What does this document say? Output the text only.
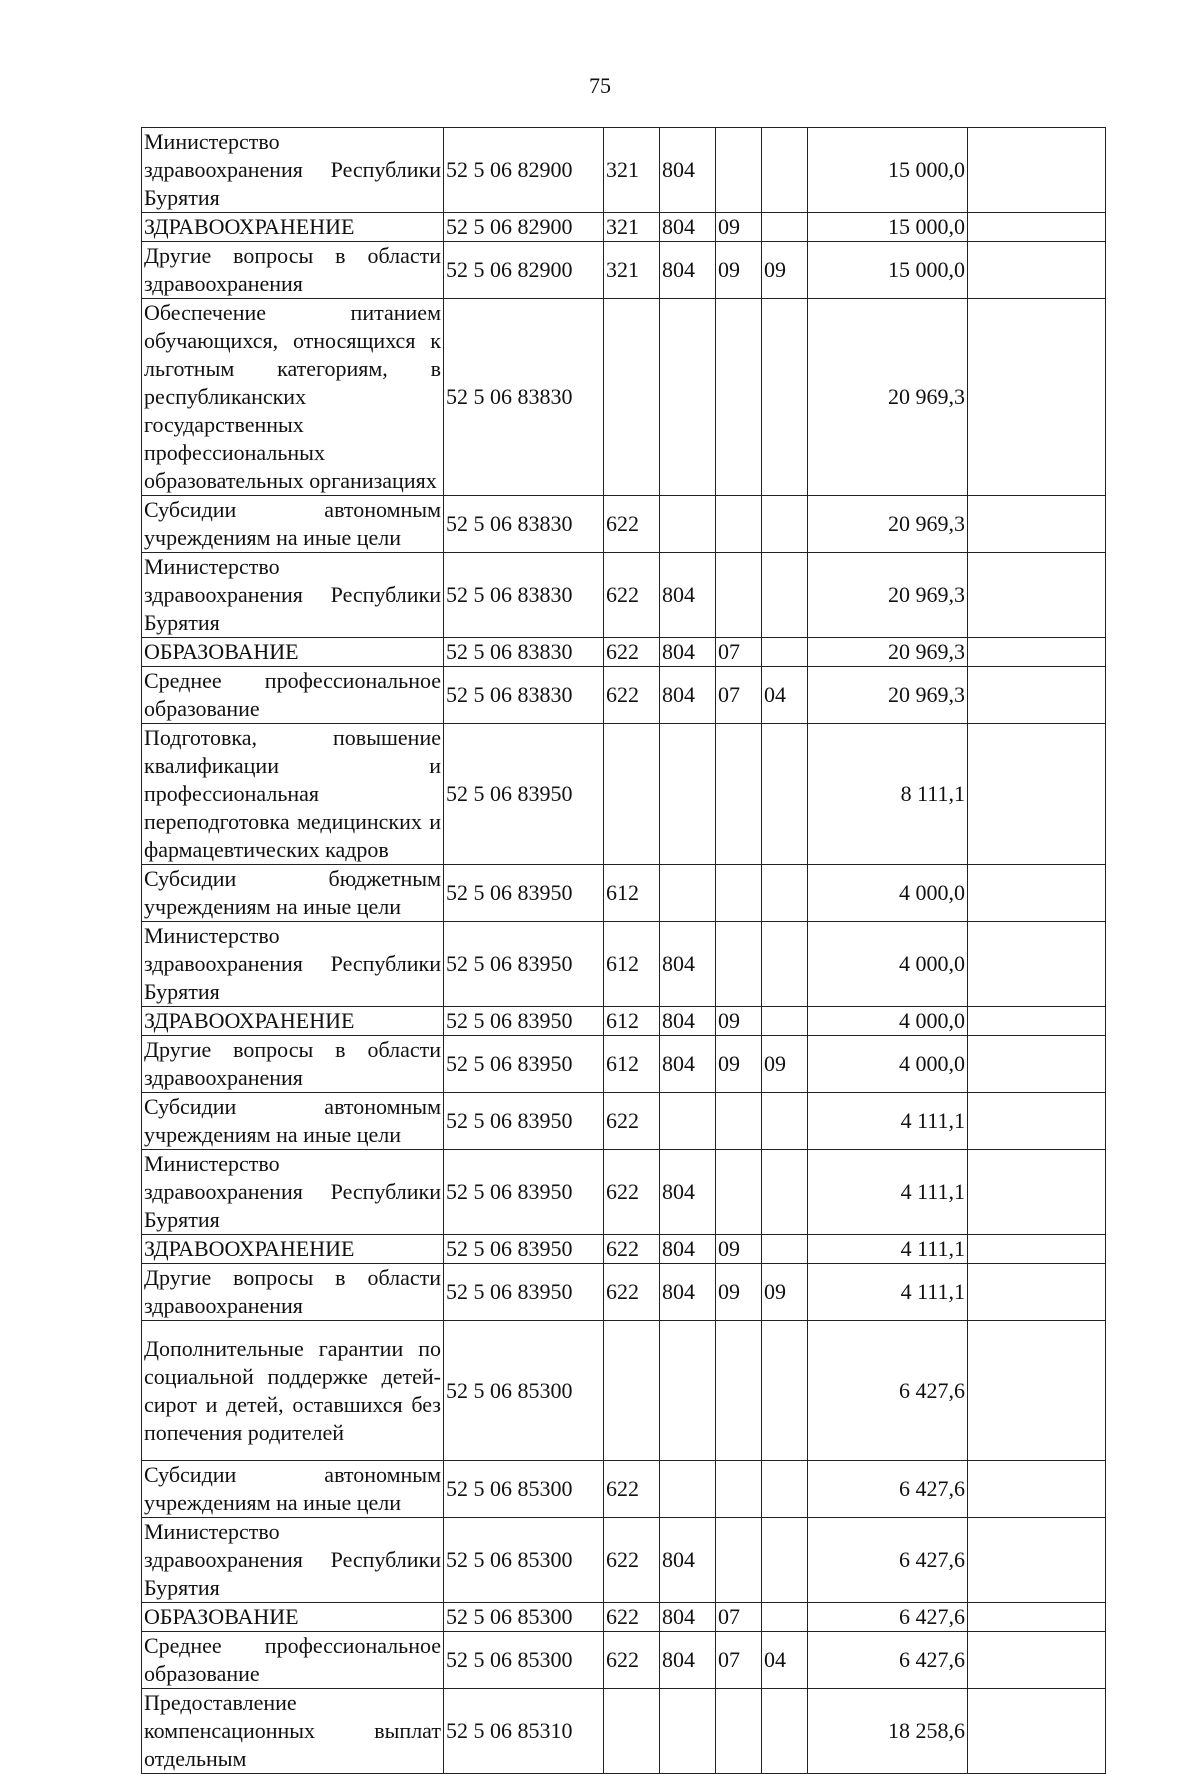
75
Министерство здравоохранения Республики Бурятия	52 5 06 82900	321	804			15 000,0	
ЗДРАВООХРАНЕНИЕ	52 5 06 82900	321	804	09		15 000,0	
Другие вопросы в области здравоохранения	52 5 06 82900	321	804	09	09	15 000,0	
Обеспечение питанием обучающихся, относящихся к льготным категориям, в республиканских государственных профессиональных образовательных организациях	52 5 06 83830					20 969,3	
Субсидии автономным учреждениям на иные цели	52 5 06 83830	622				20 969,3	
Министерство здравоохранения Республики Бурятия	52 5 06 83830	622	804			20 969,3	
ОБРАЗОВАНИЕ	52 5 06 83830	622	804	07		20 969,3	
Среднее профессиональное образование	52 5 06 83830	622	804	07	04	20 969,3	
Подготовка, повышение квалификации и профессиональная переподготовка медицинских и фармацевтических кадров	52 5 06 83950					8 111,1	
Субсидии бюджетным учреждениям на иные цели	52 5 06 83950	612				4 000,0	
Министерство здравоохранения Республики Бурятия	52 5 06 83950	612	804			4 000,0	
ЗДРАВООХРАНЕНИЕ	52 5 06 83950	612	804	09		4 000,0	
Другие вопросы в области здравоохранения	52 5 06 83950	612	804	09	09	4 000,0	
Субсидии автономным учреждениям на иные цели	52 5 06 83950	622				4 111,1	
Министерство здравоохранения Республики Бурятия	52 5 06 83950	622	804			4 111,1	
ЗДРАВООХРАНЕНИЕ	52 5 06 83950	622	804	09		4 111,1	
Другие вопросы в области здравоохранения	52 5 06 83950	622	804	09	09	4 111,1	
Дополнительные гарантии по социальной поддержке детей-сирот и детей, оставшихся без попечения родителей	52 5 06 85300					6 427,6	
Субсидии автономным учреждениям на иные цели	52 5 06 85300	622				6 427,6	
Министерство здравоохранения Республики Бурятия	52 5 06 85300	622	804			6 427,6	
ОБРАЗОВАНИЕ	52 5 06 85300	622	804	07		6 427,6	
Среднее профессиональное образование	52 5 06 85300	622	804	07	04	6 427,6	
Предоставление компенсационных выплат отдельным	52 5 06 85310					18 258,6	
